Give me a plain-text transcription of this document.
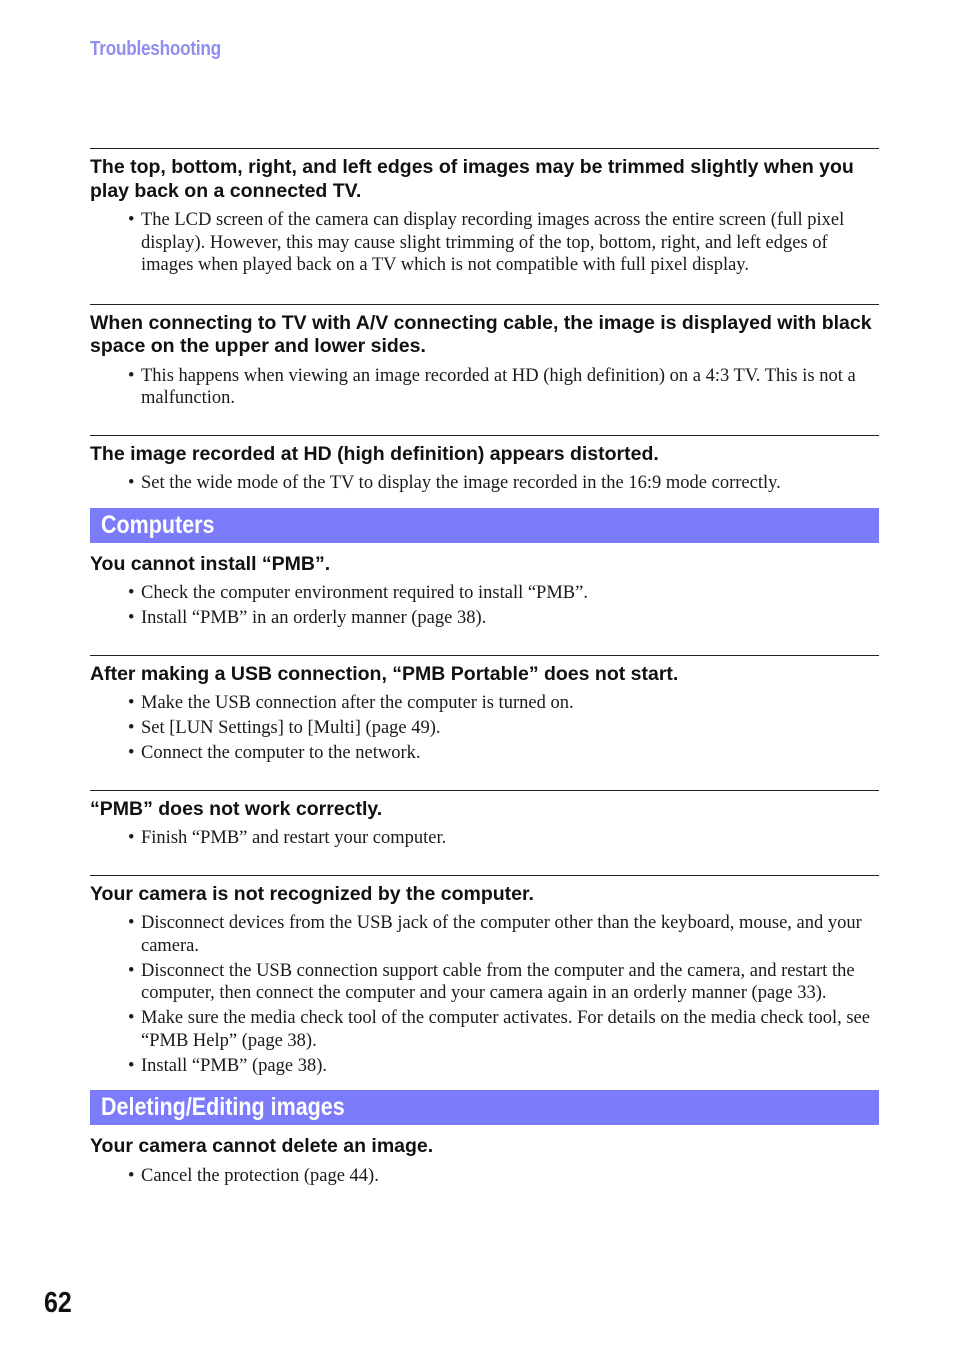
Troubleshooting
The top, bottom, right, and left edges of images may be trimmed slightly when you play back on a connected TV.
• The LCD screen of the camera can display recording images across the entire screen (full pixel display). However, this may cause slight trimming of the top, bottom, right, and left edges of images when played back on a TV which is not compatible with full pixel display.
When connecting to TV with A/V connecting cable, the image is displayed with black space on the upper and lower sides.
• This happens when viewing an image recorded at HD (high definition) on a 4:3 TV. This is not a malfunction.
The image recorded at HD (high definition) appears distorted.
• Set the wide mode of the TV to display the image recorded in the 16:9 mode correctly.
Computers
You cannot install “PMB”.
• Check the computer environment required to install “PMB”.
• Install “PMB” in an orderly manner (page 38).
After making a USB connection, “PMB Portable” does not start.
• Make the USB connection after the computer is turned on.
• Set [LUN Settings] to [Multi] (page 49).
• Connect the computer to the network.
“PMB” does not work correctly.
• Finish “PMB” and restart your computer.
Your camera is not recognized by the computer.
• Disconnect devices from the USB jack of the computer other than the keyboard, mouse, and your camera.
• Disconnect the USB connection support cable from the computer and the camera, and restart the computer, then connect the computer and your camera again in an orderly manner (page 33).
• Make sure the media check tool of the computer activates. For details on the media check tool, see “PMB Help” (page 38).
• Install “PMB” (page 38).
Deleting/Editing images
Your camera cannot delete an image.
• Cancel the protection (page 44).
62
